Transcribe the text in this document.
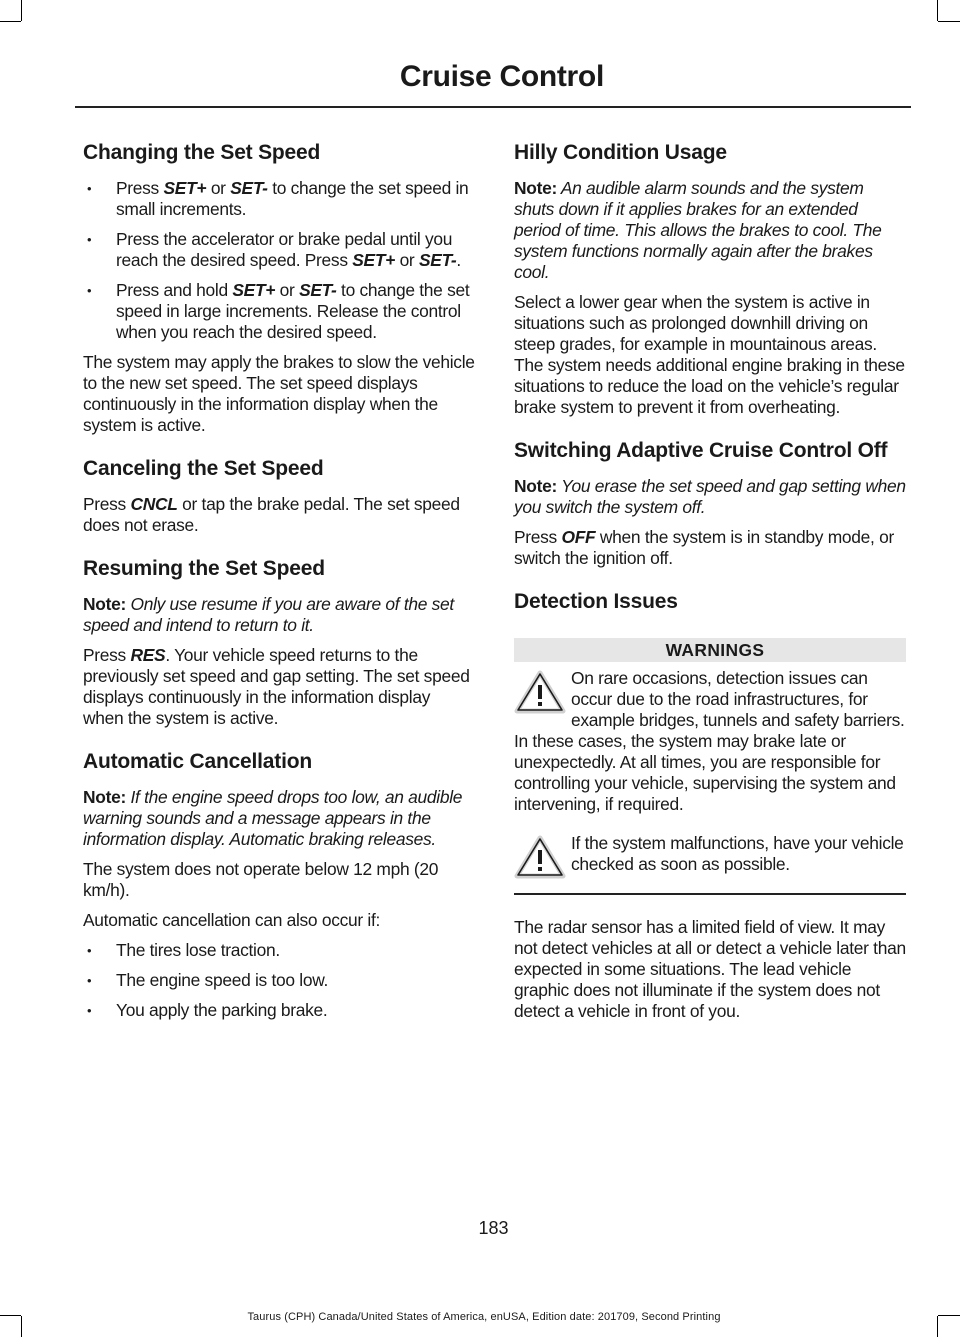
Cruise Control
Changing the Set Speed
• Press SET+ or SET- to change the set speed in small increments.
• Press the accelerator or brake pedal until you reach the desired speed. Press SET+ or SET-.
• Press and hold SET+ or SET- to change the set speed in large increments. Release the control when you reach the desired speed.

The system may apply the brakes to slow the vehicle to the new set speed. The set speed displays continuously in the information display when the system is active.

Canceling the Set Speed

Press CNCL or tap the brake pedal. The set speed does not erase.

Resuming the Set Speed

Note: Only use resume if you are aware of the set speed and intend to return to it.

Press RES. Your vehicle speed returns to the previously set speed and gap setting. The set speed displays continuously in the information display when the system is active.

Automatic Cancellation

Note: If the engine speed drops too low, an audible warning sounds and a message appears in the information display. Automatic braking releases.

The system does not operate below 12 mph (20 km/h).

Automatic cancellation can also occur if:

• The tires lose traction.
• The engine speed is too low.
• You apply the parking brake.
Hilly Condition Usage

Note: An audible alarm sounds and the system shuts down if it applies brakes for an extended period of time. This allows the brakes to cool. The system functions normally again after the brakes cool.

Select a lower gear when the system is active in situations such as prolonged downhill driving on steep grades, for example in mountainous areas. The system needs additional engine braking in these situations to reduce the load on the vehicle’s regular brake system to prevent it from overheating.

Switching Adaptive Cruise Control Off

Note: You erase the set speed and gap setting when you switch the system off.

Press OFF when the system is in standby mode, or switch the ignition off.

Detection Issues
WARNINGS

On rare occasions, detection issues can occur due to the road infrastructures, for example bridges, tunnels and safety barriers. In these cases, the system may brake late or unexpectedly. At all times, you are responsible for controlling your vehicle, supervising the system and intervening, if required.

If the system malfunctions, have your vehicle checked as soon as possible.

The radar sensor has a limited field of view. It may not detect vehicles at all or detect a vehicle later than expected in some situations. The lead vehicle graphic does not illuminate if the system does not detect a vehicle in front of you.

183
Taurus (CPH) Canada/United States of America, enUSA, Edition date: 201709, Second Printing
